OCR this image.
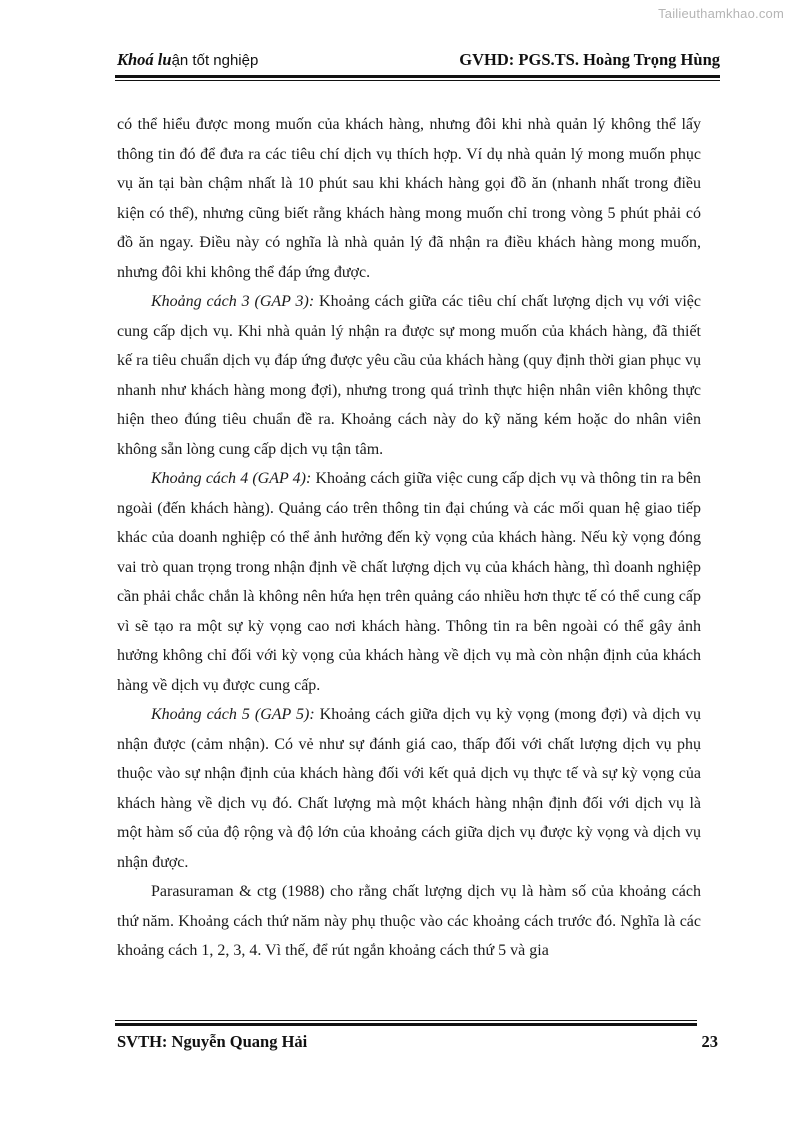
Tailieuthamkhao.com
Khoá luận tốt nghiệp	GVHD: PGS.TS. Hoàng Trọng Hùng

có thể hiểu được mong muốn của khách hàng, nhưng đôi khi nhà quản lý không thể lấy thông tin đó để đưa ra các tiêu chí dịch vụ thích hợp. Ví dụ nhà quản lý mong muốn phục vụ ăn tại bàn chậm nhất là 10 phút sau khi khách hàng gọi đồ ăn (nhanh nhất trong điều kiện có thể), nhưng cũng biết rằng khách hàng mong muốn chỉ trong vòng 5 phút phải có đồ ăn ngay. Điều này có nghĩa là nhà quản lý đã nhận ra điều khách hàng mong muốn, nhưng đôi khi không thể đáp ứng được.

Khoảng cách 3 (GAP 3): Khoảng cách giữa các tiêu chí chất lượng dịch vụ với việc cung cấp dịch vụ. Khi nhà quản lý nhận ra được sự mong muốn của khách hàng, đã thiết kế ra tiêu chuẩn dịch vụ đáp ứng được yêu cầu của khách hàng (quy định thời gian phục vụ nhanh như khách hàng mong đợi), nhưng trong quá trình thực hiện nhân viên không thực hiện theo đúng tiêu chuẩn đề ra. Khoảng cách này do kỹ năng kém hoặc do nhân viên không sẵn lòng cung cấp dịch vụ tận tâm.

Khoảng cách 4 (GAP 4): Khoảng cách giữa việc cung cấp dịch vụ và thông tin ra bên ngoài (đến khách hàng). Quảng cáo trên thông tin đại chúng và các mối quan hệ giao tiếp khác của doanh nghiệp có thể ảnh hưởng đến kỳ vọng của khách hàng. Nếu kỳ vọng đóng vai trò quan trọng trong nhận định về chất lượng dịch vụ của khách hàng, thì doanh nghiệp cần phải chắc chắn là không nên hứa hẹn trên quảng cáo nhiều hơn thực tế có thể cung cấp vì sẽ tạo ra một sự kỳ vọng cao nơi khách hàng. Thông tin ra bên ngoài có thể gây ảnh hưởng không chỉ đối với kỳ vọng của khách hàng về dịch vụ mà còn nhận định của khách hàng về dịch vụ được cung cấp.

Khoảng cách 5 (GAP 5): Khoảng cách giữa dịch vụ kỳ vọng (mong đợi) và dịch vụ nhận được (cảm nhận). Có vẻ như sự đánh giá cao, thấp đối với chất lượng dịch vụ phụ thuộc vào sự nhận định của khách hàng đối với kết quả dịch vụ thực tế và sự kỳ vọng của khách hàng về dịch vụ đó. Chất lượng mà một khách hàng nhận định đối với dịch vụ là một hàm số của độ rộng và độ lớn của khoảng cách giữa dịch vụ được kỳ vọng và dịch vụ nhận được.

Parasuraman & ctg (1988) cho rằng chất lượng dịch vụ là hàm số của khoảng cách thứ năm. Khoảng cách thứ năm này phụ thuộc vào các khoảng cách trước đó. Nghĩa là các khoảng cách 1, 2, 3, 4. Vì thế, để rút ngắn khoảng cách thứ 5 và gia

SVTH: Nguyễn Quang Hải	23
